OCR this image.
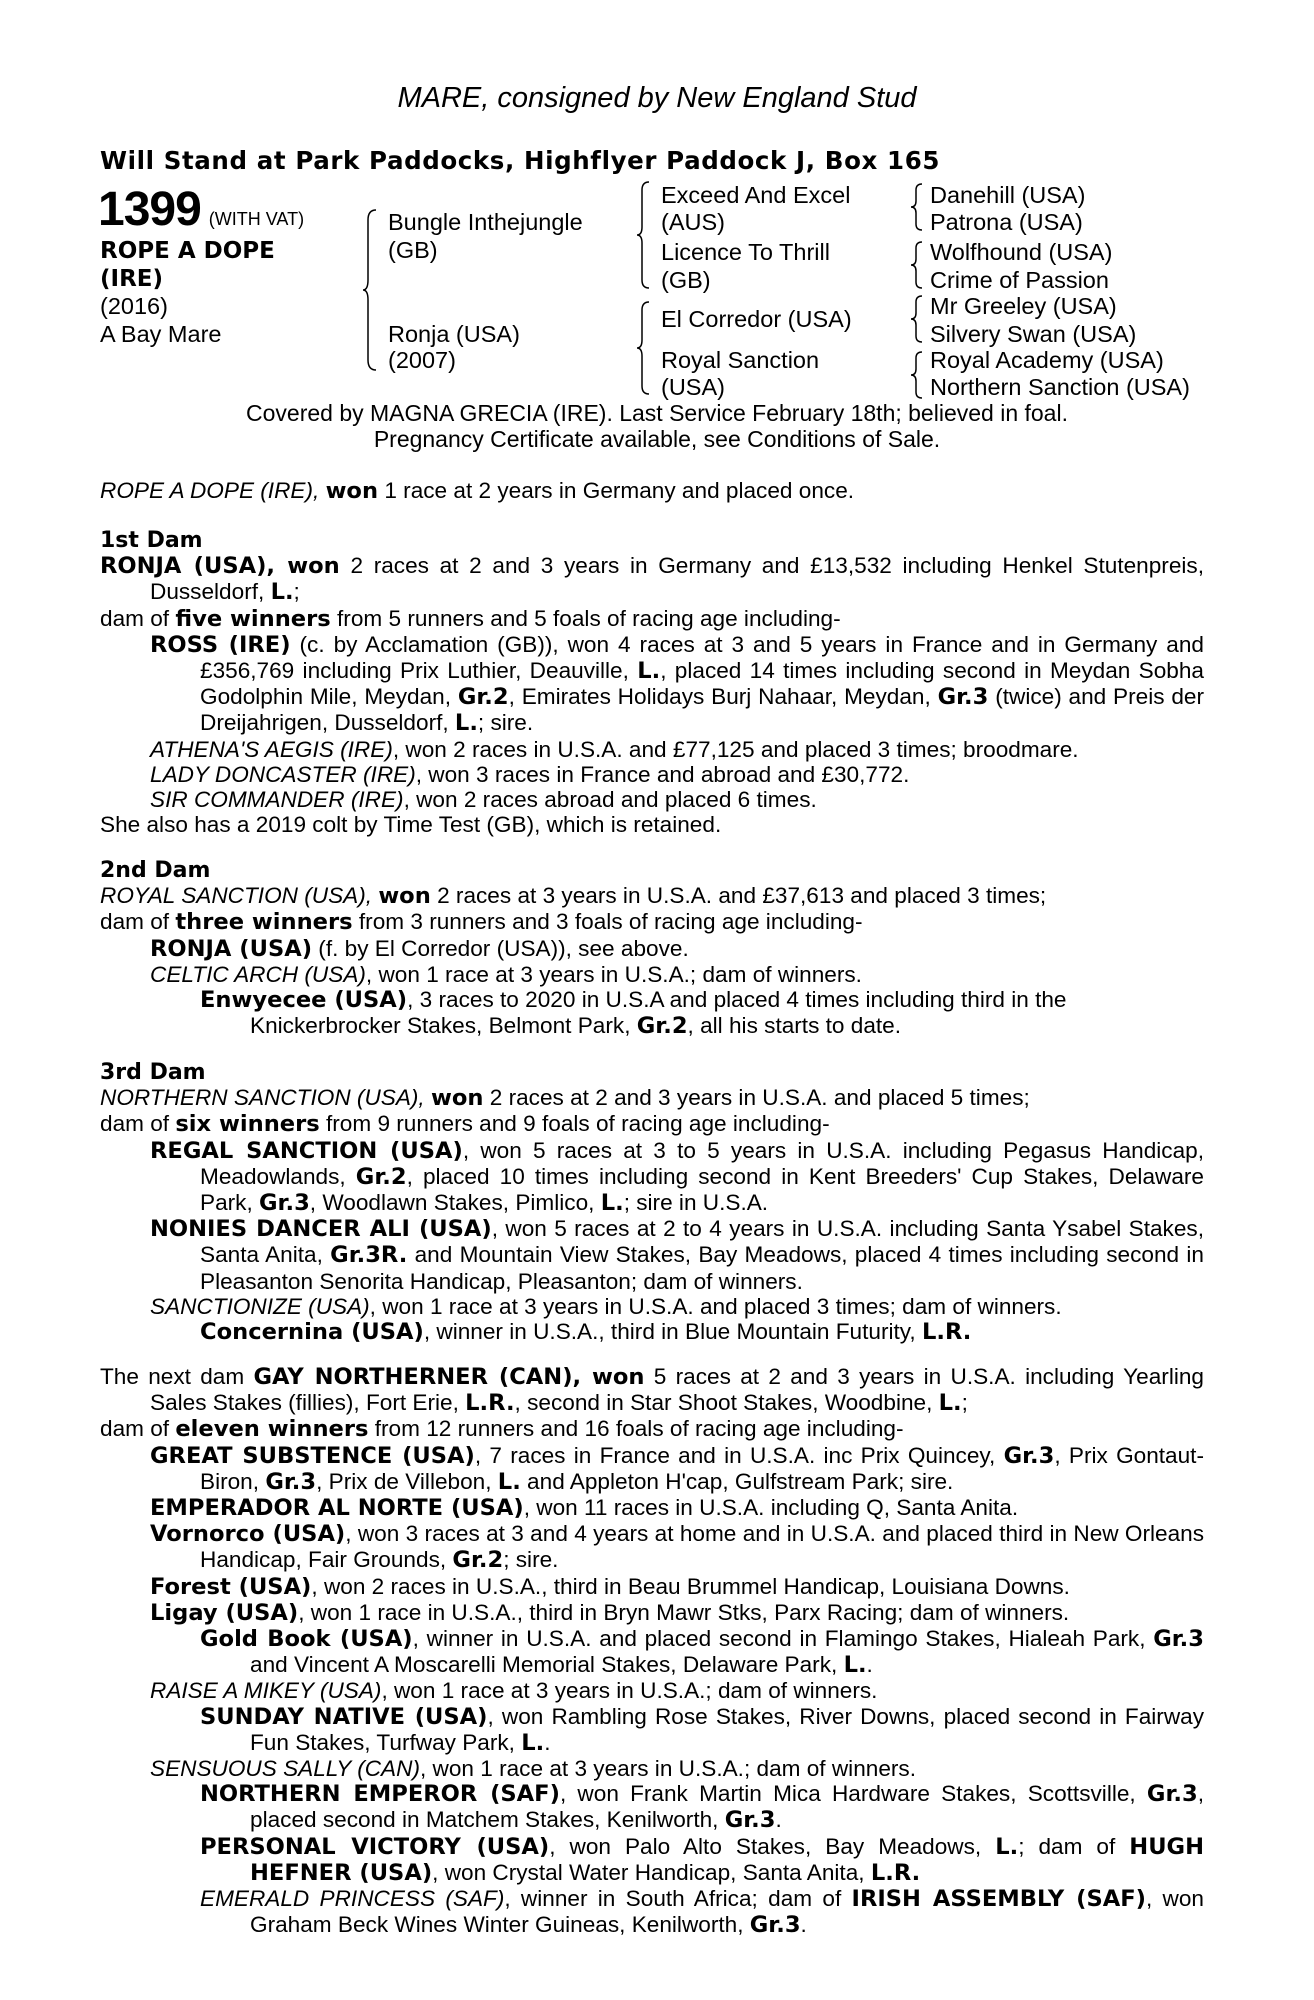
MARE, consigned by New England Stud
Will Stand at Park Paddocks, Highflyer Paddock J, Box 165
1399 (WITH VAT)
ROPE A DOPE
(IRE)
(2016)
A Bay Mare
Bungle Inthejungle
(GB)
Ronja (USA)
(2007)
Exceed And Excel
(AUS)
Licence To Thrill
(GB)
El Corredor (USA)
Royal Sanction
(USA)
Danehill (USA)
Patrona (USA)
Wolfhound (USA)
Crime of Passion
Mr Greeley (USA)
Silvery Swan (USA)
Royal Academy (USA)
Northern Sanction (USA)
Covered by MAGNA GRECIA (IRE). Last Service February 18th; believed in foal.
Pregnancy Certificate available, see Conditions of Sale.

ROPE A DOPE (IRE), won 1 race at 2 years in Germany and placed once.

1st Dam

RONJA (USA), won 2 races at 2 and 3 years in Germany and £13,532 including Henkel Stutenpreis, Dusseldorf, L.;

dam of five winners from 5 runners and 5 foals of racing age including-

ROSS (IRE) (c. by Acclamation (GB)), won 4 races at 3 and 5 years in France and in Germany and £356,769 including Prix Luthier, Deauville, L., placed 14 times including second in Meydan Sobha Godolphin Mile, Meydan, Gr.2, Emirates Holidays Burj Nahaar, Meydan, Gr.3 (twice) and Preis der Dreijahrigen, Dusseldorf, L.; sire.

ATHENA'S AEGIS (IRE), won 2 races in U.S.A. and £77,125 and placed 3 times; broodmare.

LADY DONCASTER (IRE), won 3 races in France and abroad and £30,772.

SIR COMMANDER (IRE), won 2 races abroad and placed 6 times.

She also has a 2019 colt by Time Test (GB), which is retained.

2nd Dam

ROYAL SANCTION (USA), won 2 races at 3 years in U.S.A. and £37,613 and placed 3 times;

dam of three winners from 3 runners and 3 foals of racing age including-

RONJA (USA) (f. by El Corredor (USA)), see above.

CELTIC ARCH (USA), won 1 race at 3 years in U.S.A.; dam of winners.

Enwyecee (USA), 3 races to 2020 in U.S.A and placed 4 times including third in the Knickerbrocker Stakes, Belmont Park, Gr.2, all his starts to date.

3rd Dam

NORTHERN SANCTION (USA), won 2 races at 2 and 3 years in U.S.A. and placed 5 times;

dam of six winners from 9 runners and 9 foals of racing age including-

REGAL SANCTION (USA), won 5 races at 3 to 5 years in U.S.A. including Pegasus Handicap, Meadowlands, Gr.2, placed 10 times including second in Kent Breeders' Cup Stakes, Delaware Park, Gr.3, Woodlawn Stakes, Pimlico, L.; sire in U.S.A.

NONIES DANCER ALI (USA), won 5 races at 2 to 4 years in U.S.A. including Santa Ysabel Stakes, Santa Anita, Gr.3R. and Mountain View Stakes, Bay Meadows, placed 4 times including second in Pleasanton Senorita Handicap, Pleasanton; dam of winners.

SANCTIONIZE (USA), won 1 race at 3 years in U.S.A. and placed 3 times; dam of winners.

Concernina (USA), winner in U.S.A., third in Blue Mountain Futurity, L.R.

The next dam GAY NORTHERNER (CAN), won 5 races at 2 and 3 years in U.S.A. including Yearling Sales Stakes (fillies), Fort Erie, L.R., second in Star Shoot Stakes, Woodbine, L.;

dam of eleven winners from 12 runners and 16 foals of racing age including-

GREAT SUBSTENCE (USA), 7 races in France and in U.S.A. inc Prix Quincey, Gr.3, Prix Gontaut-Biron, Gr.3, Prix de Villebon, L. and Appleton H'cap, Gulfstream Park; sire.

EMPERADOR AL NORTE (USA), won 11 races in U.S.A. including Q, Santa Anita.

Vornorco (USA), won 3 races at 3 and 4 years at home and in U.S.A. and placed third in New Orleans Handicap, Fair Grounds, Gr.2; sire.

Forest (USA), won 2 races in U.S.A., third in Beau Brummel Handicap, Louisiana Downs.

Ligay (USA), won 1 race in U.S.A., third in Bryn Mawr Stks, Parx Racing; dam of winners.

Gold Book (USA), winner in U.S.A. and placed second in Flamingo Stakes, Hialeah Park, Gr.3 and Vincent A Moscarelli Memorial Stakes, Delaware Park, L..

RAISE A MIKEY (USA), won 1 race at 3 years in U.S.A.; dam of winners.

SUNDAY NATIVE (USA), won Rambling Rose Stakes, River Downs, placed second in Fairway Fun Stakes, Turfway Park, L..

SENSUOUS SALLY (CAN), won 1 race at 3 years in U.S.A.; dam of winners.

NORTHERN EMPEROR (SAF), won Frank Martin Mica Hardware Stakes, Scottsville, Gr.3, placed second in Matchem Stakes, Kenilworth, Gr.3.

PERSONAL VICTORY (USA), won Palo Alto Stakes, Bay Meadows, L.; dam of HUGH HEFNER (USA), won Crystal Water Handicap, Santa Anita, L.R.

EMERALD PRINCESS (SAF), winner in South Africa; dam of IRISH ASSEMBLY (SAF), won Graham Beck Wines Winter Guineas, Kenilworth, Gr.3.
